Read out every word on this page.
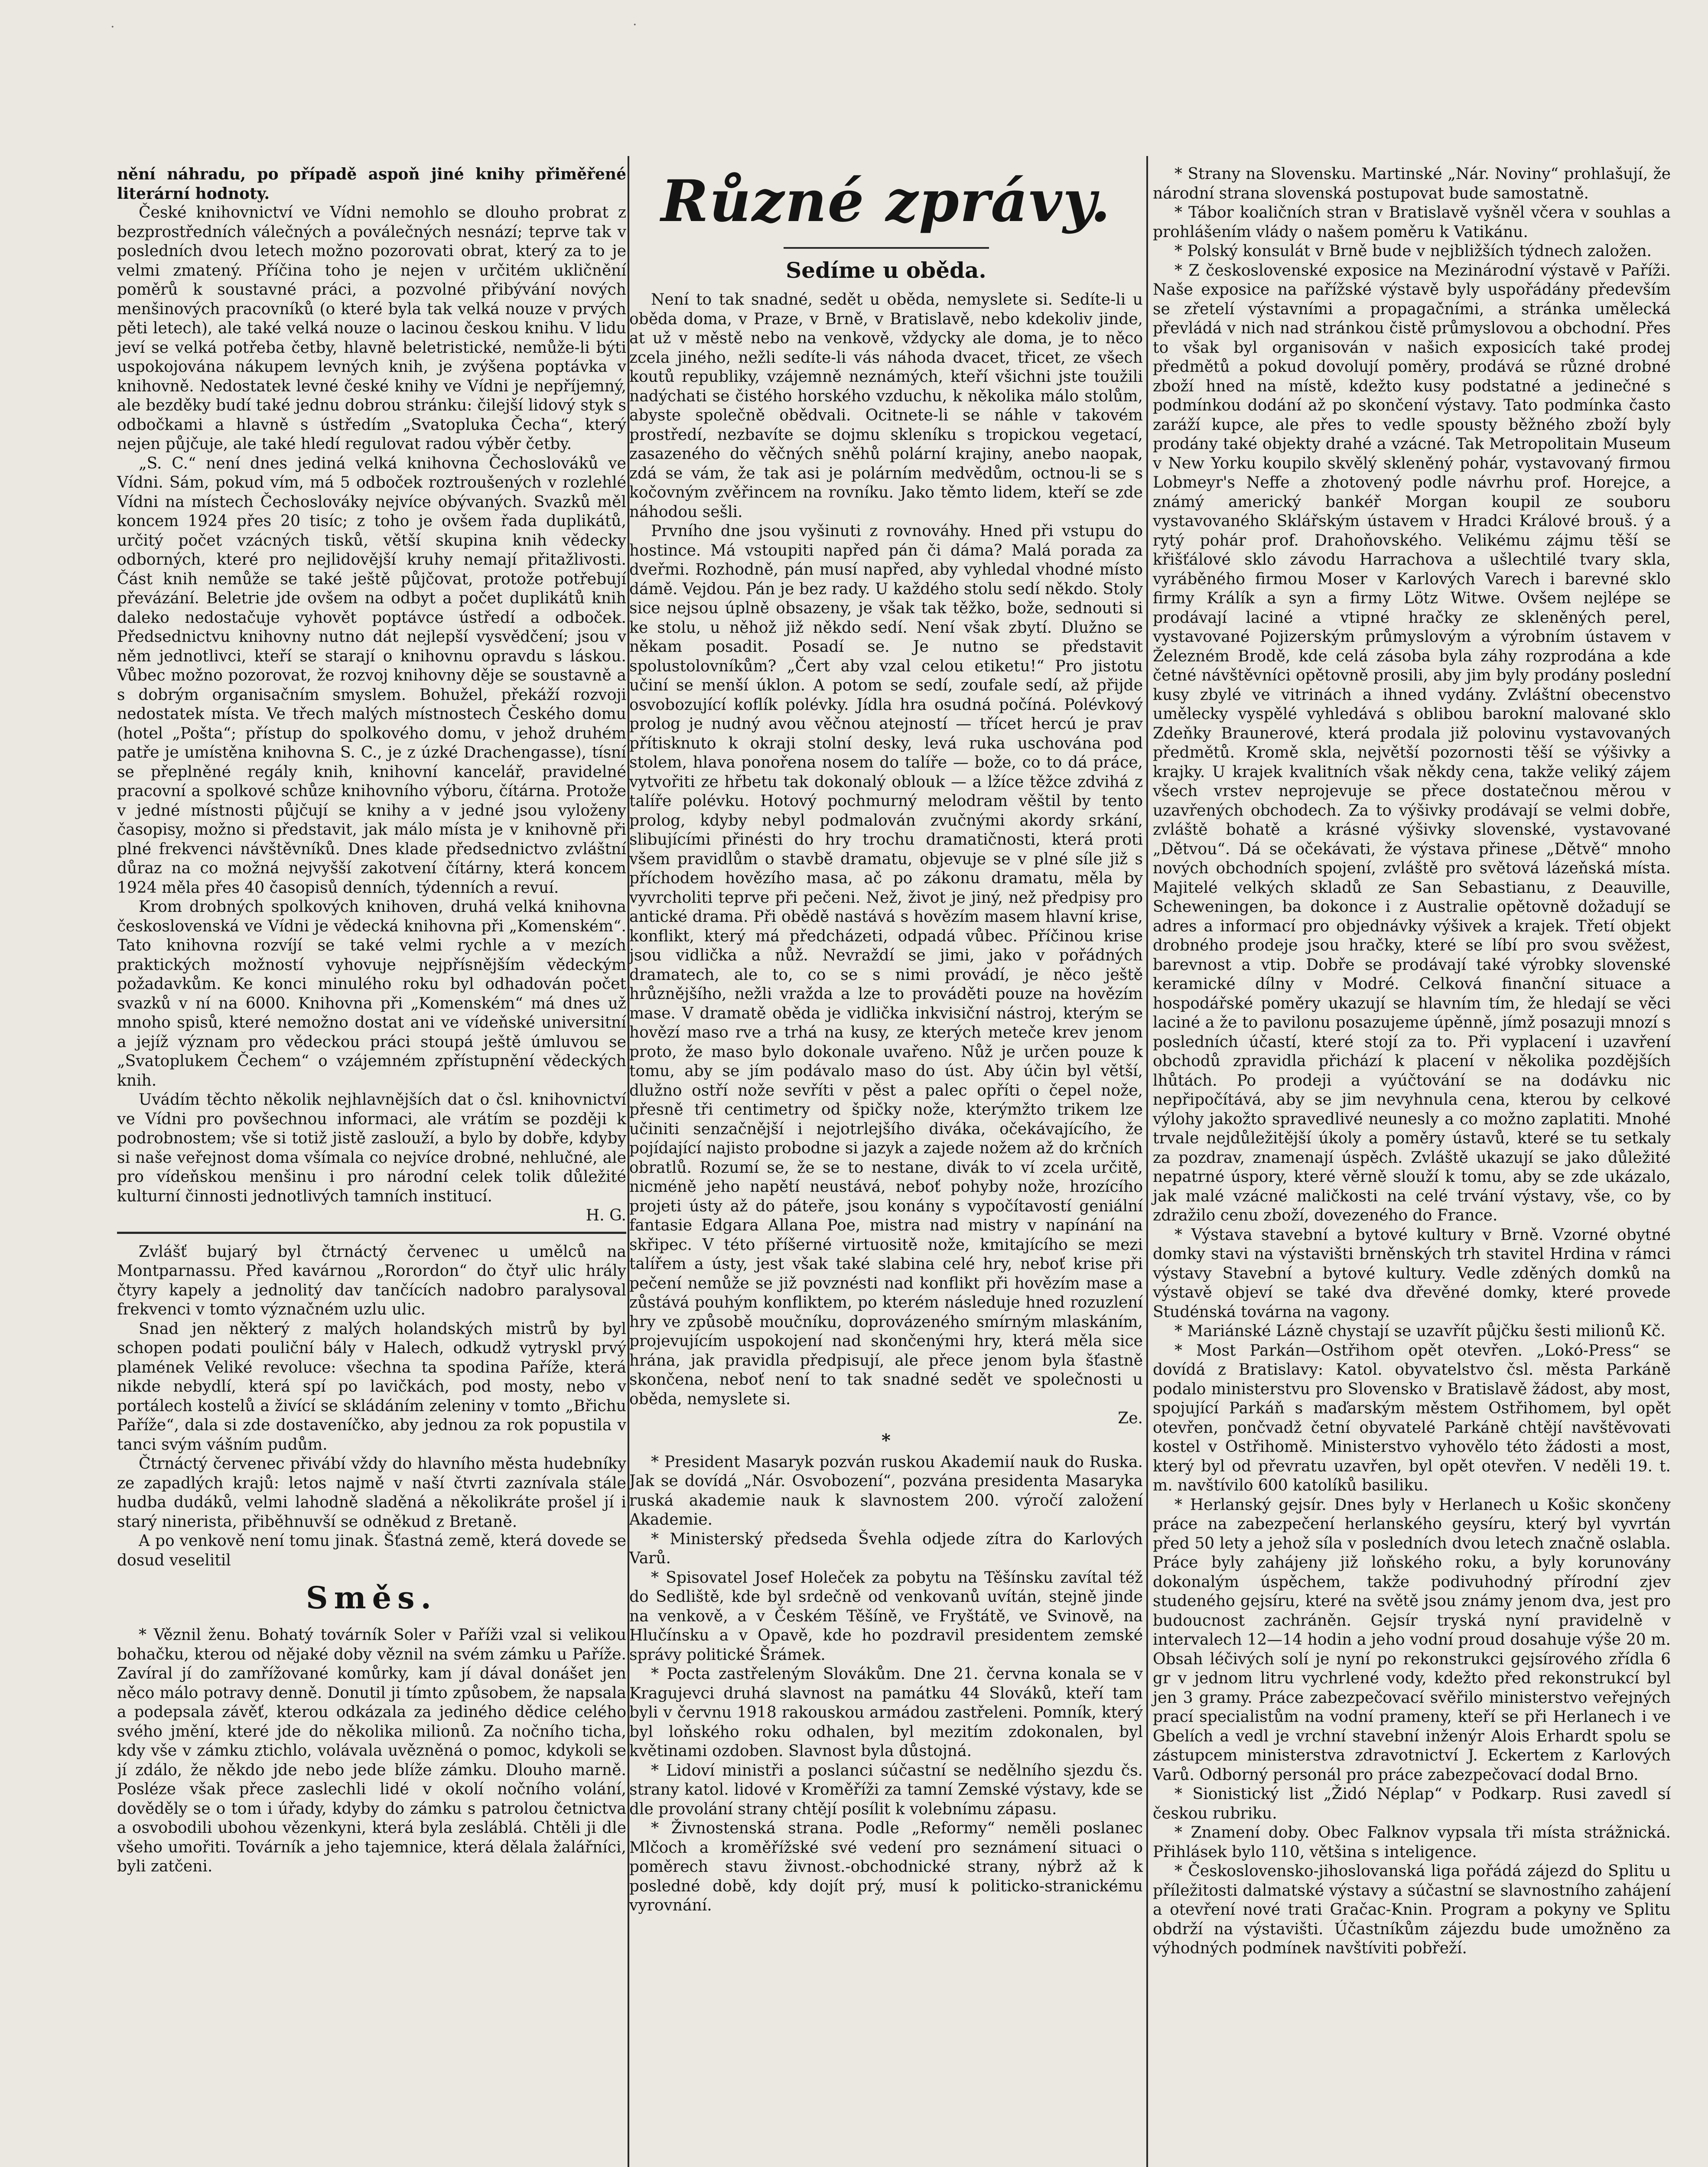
·	·

nění náhradu, po případě aspoň jiné knihy přiměřené literární hodnoty.

České knihovnictví ve Vídni nemohlo se dlouho probrat z bezprostředních válečných a poválečných nesnází; teprve tak v posledních dvou letech možno pozorovati obrat, který za to je velmi zmatený. Příčina toho je nejen v určitém ukličnění poměrů k soustavné práci, a pozvolné přibývání nových menšinových pracovníků (o které byla tak velká nouze v prvých pěti letech), ale také velká nouze o lacinou českou knihu. V lidu jeví se velká potřeba četby, hlavně beletristické, nemůže-li býti uspokojována nákupem levných knih, je zvýšena poptávka v knihovně. Nedostatek levné české knihy ve Vídni je nepříjemný, ale bezděky budí také jednu dobrou stránku: čilejší lidový styk s odbočkami a hlavně s ústředím „Svatopluka Čecha“, který nejen půjčuje, ale také hledí regulovat radou výběr četby.

„S. C.“ není dnes jediná velká knihovna Čechoslováků ve Vídni. Sám, pokud vím, má 5 odboček roztroušených v rozlehlé Vídni na místech Čechoslováky nejvíce obývaných. Svazků měl koncem 1924 přes 20 tisíc; z toho je ovšem řada duplikátů, určitý počet vzácných tisků, větší skupina knih vědecky odborných, které pro nejlidovější kruhy nemají přitažlivosti. Část knih nemůže se také ještě půjčovat, protože potřebují převázání. Beletrie jde ovšem na odbyt a počet duplikátů knih daleko nedostačuje vyhovět poptávce ústředí a odboček. Předsednictvu knihovny nutno dát nejlepší vysvědčení; jsou v něm jednotlivci, kteří se starají o knihovnu opravdu s láskou. Vůbec možno pozorovat, že rozvoj knihovny děje se soustavně a s dobrým organisačním smyslem. Bohužel, překáží rozvoji nedostatek místa. Ve třech malých místnostech Českého domu (hotel „Pošta“; přístup do spolkového domu, v jehož druhém patře je umístěna knihovna S. C., je z úzké Drachengasse), tísní se přeplněné regály knih, knihovní kancelář, pravidelné pracovní a spolkové schůze knihovního výboru, čítárna. Protože v jedné místnosti půjčují se knihy a v jedné jsou vyloženy časopisy, možno si představit, jak málo místa je v knihovně při plné frekvenci návštěvníků. Dnes klade předsednictvo zvláštní důraz na co možná nejvyšší zakotvení čítárny, která koncem 1924 měla přes 40 časopisů denních, týdenních a revuí.

Krom drobných spolkových knihoven, druhá velká knihovna československá ve Vídni je vědecká knihovna při „Komenském“. Tato knihovna rozvíjí se také velmi rychle a v mezích praktických možností vyhovuje nejpřísnějším vědeckým požadavkům. Ke konci minulého roku byl odhadován počet svazků v ní na 6000. Knihovna při „Komenském“ má dnes už mnoho spisů, které nemožno dostat ani ve vídeňské universitní a jejíž význam pro vědeckou práci stoupá ještě úmluvou se „Svatoplukem Čechem“ o vzájemném zpřístupnění vědeckých knih.

Uvádím těchto několik nejhlavnějších dat o čsl. knihovnictví ve Vídni pro povšechnou informaci, ale vrátím se později k podrobnostem; vše si totiž jistě zaslouží, a bylo by dobře, kdyby si naše veřejnost doma všímala co nejvíce drobné, nehlučné, ale pro vídeňskou menšinu i pro národní celek tolik důležité kulturní činnosti jednotlivých tamních institucí.

H. G.

Zvlášť bujarý byl čtrnáctý červenec u umělců na Montparnassu. Před kavárnou „Rorordon“ do čtyř ulic hrály čtyry kapely a jednolitý dav tančících nadobro paralysoval frekvenci v tomto význačném uzlu ulic.

Snad jen některý z malých holandských mistrů by byl schopen podati pouliční bály v Halech, odkudž vytryskl prvý plamének Veliké revoluce: všechna ta spodina Paříže, která nikde nebydlí, která spí po lavičkách, pod mosty, nebo v portálech kostelů a živící se skládáním zeleniny v tomto „Břichu Paříže“, dala si zde dostaveníčko, aby jednou za rok popustila v tanci svým vášním pudům.

Čtrnáctý červenec přivábí vždy do hlavního města hudebníky ze zapadlých krajů: letos najmě v naší čtvrti zaznívala stále hudba dudáků, velmi lahodně sladěná a několikráte prošel jí i starý ninerista, přiběhnuvší se odněkud z Bretaně.

A po venkově není tomu jinak. Šťastná země, která dovede se dosud veselitil

Směs.

* Věznil ženu. Bohatý továrník Soler v Paříži vzal si velikou bohačku, kterou od nějaké doby věznil na svém zámku u Paříže. Zavíral jí do zamřížované komůrky, kam jí dával donášet jen něco málo potravy denně. Donutil ji tímto způsobem, že napsala a podepsala závěť, kterou odkázala za jediného dědice celého svého jmění, které jde do několika milionů. Za nočního ticha, kdy vše v zámku ztichlo, volávala uvězněná o pomoc, kdykoli se jí zdálo, že někdo jde nebo jede blíže zámku. Dlouho marně. Posléze však přece zaslechli lidé v okolí nočního volání, dověděly se o tom i úřady, kdyby do zámku s patrolou četnictva a osvobodili ubohou vězenkyni, která byla zesláblá. Chtěli ji dle všeho umořiti. Továrník a jeho tajemnice, která dělala žalářníci, byli zatčeni.

Různé zprávy.
Sedíme u oběda.

Není to tak snadné, sedět u oběda, nemyslete si. Sedíte-li u oběda doma, v Praze, v Brně, v Bratislavě, nebo kdekoliv jinde, at už v městě nebo na venkově, vždycky ale doma, je to něco zcela jiného, nežli sedíte-li vás náhoda dvacet, třicet, ze všech koutů republiky, vzájemně neznámých, kteří všichni jste toužili nadýchati se čistého horského vzduchu, k několika málo stolům, abyste společně obědvali. Ocitnete-li se náhle v takovém prostředí, nezbavíte se dojmu skleníku s tropickou vegetací, zasazeného do věčných sněhů polární krajiny, anebo naopak, zdá se vám, že tak asi je polárním medvědům, octnou-li se s kočovným zvěřincem na rovníku. Jako těmto lidem, kteří se zde náhodou sešli.

Prvního dne jsou vyšinuti z rovnováhy. Hned při vstupu do hostince. Má vstoupiti napřed pán či dáma? Malá porada za dveřmi. Rozhodně, pán musí napřed, aby vyhledal vhodné místo dámě. Vejdou. Pán je bez rady. U každého stolu sedí někdo. Stoly sice nejsou úplně obsazeny, je však tak těžko, bože, sednouti si ke stolu, u něhož již někdo sedí. Není však zbytí. Dlužno se někam posadit. Posadí se. Je nutno se představit spolustolovníkům? „Čert aby vzal celou etiketu!“ Pro jistotu učiní se menší úklon. A potom se sedí, zoufale sedí, až přijde osvobozující koflík polévky. Jídla hra osudná počíná. Polévkový prolog je nudný avou věčnou atejností — třícet hercú je prav přítisknuto k okraji stolní desky, levá ruka uschována pod stolem, hlava ponořena nosem do talíře — bože, co to dá práce, vytvořiti ze hřbetu tak dokonalý oblouk — a lžíce těžce zdvihá z talíře polévku. Hotový pochmurný melodram věštil by tento prolog, kdyby nebyl podmalován zvučnými akordy srkání, slibujícími přinésti do hry trochu dramatičnosti, která proti všem pravidlům o stavbě dramatu, objevuje se v plné síle již s příchodem hovězího masa, ač po zákonu dramatu, měla by vyvrcholiti teprve při pečeni. Než, život je jiný, než předpisy pro antické drama. Při obědě nastává s hovězím masem hlavní krise, konflikt, který má předcházeti, odpadá vůbec. Příčinou krise jsou vidlička a nůž. Nevraždí se jimi, jako v pořádných dramatech, ale to, co se s nimi provádí, je něco ještě hrůznějšího, nežli vražda a lze to prováděti pouze na hovězím mase. V dramatě oběda je vidlička inkvisiční nástroj, kterým se hovězí maso rve a trhá na kusy, ze kterých meteče krev jenom proto, že maso bylo dokonale uvařeno. Nůž je určen pouze k tomu, aby se jím podávalo maso do úst. Aby účin byl větší, dlužno ostří nože sevříti v pěst a palec opříti o čepel nože, přesně tři centimetry od špičky nože, kterýmžto trikem lze učiniti senzačnější i nejotrlejšího diváka, očekávajícího, že pojídající najisto probodne si jazyk a zajede nožem až do krčních obratlů. Rozumí se, že se to nestane, divák to ví zcela určitě, nicméně jeho napětí neustává, neboť pohyby nože, hrozícího projeti ústy až do páteře, jsou konány s vypočítavostí geniální fantasie Edgara Allana Poe, mistra nad mistry v napínání na skřipec. V této příšerné virtuositě nože, kmitajícího se mezi talířem a ústy, jest však také slabina celé hry, neboť krise při pečení nemůže se již povznésti nad konflikt při hovězím mase a zůstává pouhým konfliktem, po kterém následuje hned rozuzlení hry ve způsobě moučníku, doprovázeného smírným mlaskáním, projevujícím uspokojení nad skončenými hry, která měla sice hrána, jak pravidla předpisují, ale přece jenom byla šťastně skončena, neboť není to tak snadné sedět ve společnosti u oběda, nemyslete si.

Ze.

*

* President Masaryk pozván ruskou Akademií nauk do Ruska. Jak se dovídá „Nár. Osvobození“, pozvána presidenta Masaryka ruská akademie nauk k slavnostem 200. výročí založení Akademie.

* Ministerský předseda Švehla odjede zítra do Karlových Varů.

* Spisovatel Josef Holeček za pobytu na Těšínsku zavítal též do Sedliště, kde byl srdečně od venkovanů uvítán, stejně jinde na venkově, a v Českém Těšíně, ve Fryštátě, ve Svinově, na Hlučínsku a v Opavě, kde ho pozdravil presidentem zemské správy politické Šrámek.

* Pocta zastřeleným Slovákům. Dne 21. června konala se v Kragujevci druhá slavnost na památku 44 Slováků, kteří tam byli v červnu 1918 rakouskou armádou zastřeleni. Pomník, který byl loňského roku odhalen, byl mezitím zdokonalen, byl květinami ozdoben. Slavnost byla důstojná.

* Lidoví ministři a poslanci súčastní se nedělního sjezdu čs. strany katol. lidové v Kroměříži za tamní Zemské výstavy, kde se dle provolání strany chtějí posílit k volebnímu zápasu.

* Živnostenská strana. Podle „Reformy“ neměli poslanec Mlčoch a kroměřížské své vedení pro seznámení situaci o poměrech stavu živnost.-obchodnické strany, nýbrž až k posledné době, kdy dojít prý, musí k politicko-stranickému vyrovnání.

* Strany na Slovensku. Martinské „Nár. Noviny“ prohlašují, že národní strana slovenská postupovat bude samostatně.

* Tábor koaličních stran v Bratislavě vyšněl včera v souhlas a prohlášením vlády o našem poměru k Vatikánu.

* Polský konsulát v Brně bude v nejbližších týdnech založen.

* Z československé exposice na Mezinárodní výstavě v Paříži. Naše exposice na pařížské výstavě byly uspořádány především se zřetelí výstavními a propagačními, a stránka umělecká převládá v nich nad stránkou čistě průmyslovou a obchodní. Přes to však byl organisován v našich exposicích také prodej předmětů a pokud dovolují poměry, prodává se různé drobné zboží hned na místě, kdežto kusy podstatné a jedinečné s podmínkou dodání až po skončení výstavy. Tato podmínka často zaráží kupce, ale přes to vedle spousty běžného zboží byly prodány také objekty drahé a vzácné. Tak Metropolitain Museum v New Yorku koupilo skvělý skleněný pohár, vystavovaný firmou Lobmeyr's Neffe a zhotovený podle návrhu prof. Horejce, a známý americký bankéř Morgan koupil ze souboru vystavovaného Sklářským ústavem v Hradci Králové brouš. ý a rytý pohár prof. Drahoňovského. Velikému zájmu těší se křišťálové sklo závodu Harrachova a ušlechtilé tvary skla, vyráběného firmou Moser v Karlových Varech i barevné sklo firmy Králík a syn a firmy Lötz Witwe. Ovšem nejlépe se prodávají laciné a vtipné hračky ze skleněných perel, vystavované Pojizerským průmyslovým a výrobním ústavem v Železném Brodě, kde celá zásoba byla záhy rozprodána a kde četné návštěvníci opětovně prosili, aby jim byly prodány poslední kusy zbylé ve vitrinách a ihned vydány. Zvláštní obecenstvo umělecky vyspělé vyhledává s oblibou barokní malované sklo Zdeňky Braunerové, která prodala již polovinu vystavovaných předmětů. Kromě skla, největší pozornosti těší se výšivky a krajky. U krajek kvalitních však někdy cena, takže veliký zájem všech vrstev neprojevuje se přece dostatečnou měrou v uzavřených obchodech. Za to výšivky prodávají se velmi dobře, zvláště bohatě a krásné výšivky slovenské, vystavované „Dětvou“. Dá se očekávati, že výstava přinese „Dětvě“ mnoho nových obchodních spojení, zvláště pro světová lázeňská místa. Majitelé velkých skladů ze San Sebastianu, z Deauville, Scheweningen, ba dokonce i z Australie opětovně dožadují se adres a informací pro objednávky výšivek a krajek. Třetí objekt drobného prodeje jsou hračky, které se líbí pro svou svěžest, barevnost a vtip. Dobře se prodávají také výrobky slovenské keramické dílny v Modré. Celková finanční situace a hospodářské poměry ukazují se hlavním tím, že hledají se věci laciné a že to pavilonu posazujeme úpěnně, jímž posazuji mnozí s posledních účastí, které stojí za to. Při vyplacení i uzavření obchodů zpravidla přichází k placení v několika pozdějších lhůtách. Po prodeji a vyúčtování se na dodávku nic nepřipočítává, aby se jim nevyhnula cena, kterou by celkové výlohy jakožto spravedlivé neunesly a co možno zaplatiti. Mnohé trvale nejdůležitější úkoly a poměry ústavů, které se tu setkaly za pozdrav, znamenají úspěch. Zvláště ukazují se jako důležité nepatrné úspory, které věrně slouží k tomu, aby se zde ukázalo, jak malé vzácné maličkosti na celé trvání výstavy, vše, co by zdražilo cenu zboží, dovezeného do France.

* Výstava stavební a bytové kultury v Brně. Vzorné obytné domky stavi na výstavišti brněnských trh stavitel Hrdina v rámci výstavy Stavební a bytové kultury. Vedle zděných domků na výstavě objeví se také dva dřevěné domky, které provede Studénská továrna na vagony.

* Mariánské Lázně chystají se uzavřít půjčku šesti milionů Kč.

* Most Parkán—Ostřihom opět otevřen. „Lokó-Press“ se dovídá z Bratislavy: Katol. obyvatelstvo čsl. města Parkáně podalo ministerstvu pro Slovensko v Bratislavě žádost, aby most, spojující Parkáň s maďarským městem Ostřihomem, byl opět otevřen, pončvadž četní obyvatelé Parkáně chtějí navštěvovati kostel v Ostřihomě. Ministerstvo vyhovělo této žádosti a most, který byl od převratu uzavřen, byl opět otevřen. V neděli 19. t. m. navštívilo 600 katolíků basiliku.

* Herlanský gejsír. Dnes byly v Herlanech u Košic skončeny práce na zabezpečení herlanského geysíru, který byl vyvrtán před 50 lety a jehož síla v posledních dvou letech značně oslabla. Práce byly zahájeny již loňského roku, a byly korunovány dokonalým úspěchem, takže podivuhodný přírodní zjev studeného gejsíru, které na světě jsou známy jenom dva, jest pro budoucnost zachráněn. Gejsír tryská nyní pravidelně v intervalech 12—14 hodin a jeho vodní proud dosahuje výše 20 m. Obsah léčivých solí je nyní po rekonstrukci gejsírového zřídla 6 gr v jednom litru vychrlené vody, kdežto před rekonstrukcí byl jen 3 gramy. Práce zabezpečovací svěřilo ministerstvo veřejných prací specialistům na vodní prameny, kteří se při Herlanech i ve Gbelích a vedl je vrchní stavební inženýr Alois Erhardt spolu se zástupcem ministerstva zdravotnictví J. Eckertem z Karlových Varů. Odborný personál pro práce zabezpečovací dodal Brno.

* Sionistický list „Židó Néplap“ v Podkarp. Rusi zavedl sí českou rubriku.

* Znamení doby. Obec Falknov vypsala tři místa strážnická. Přihlásek bylo 110, většina s inteligence.

* Československo-jihoslovanská liga pořádá zájezd do Splitu u příležitosti dalmatské výstavy a súčastní se slavnostního zahájení a otevření nové trati Gračac-Knin. Program a pokyny ve Splitu obdrží na výstavišti. Účastníkům zájezdu bude umožněno za výhodných podmínek navštíviti pobřeží.
